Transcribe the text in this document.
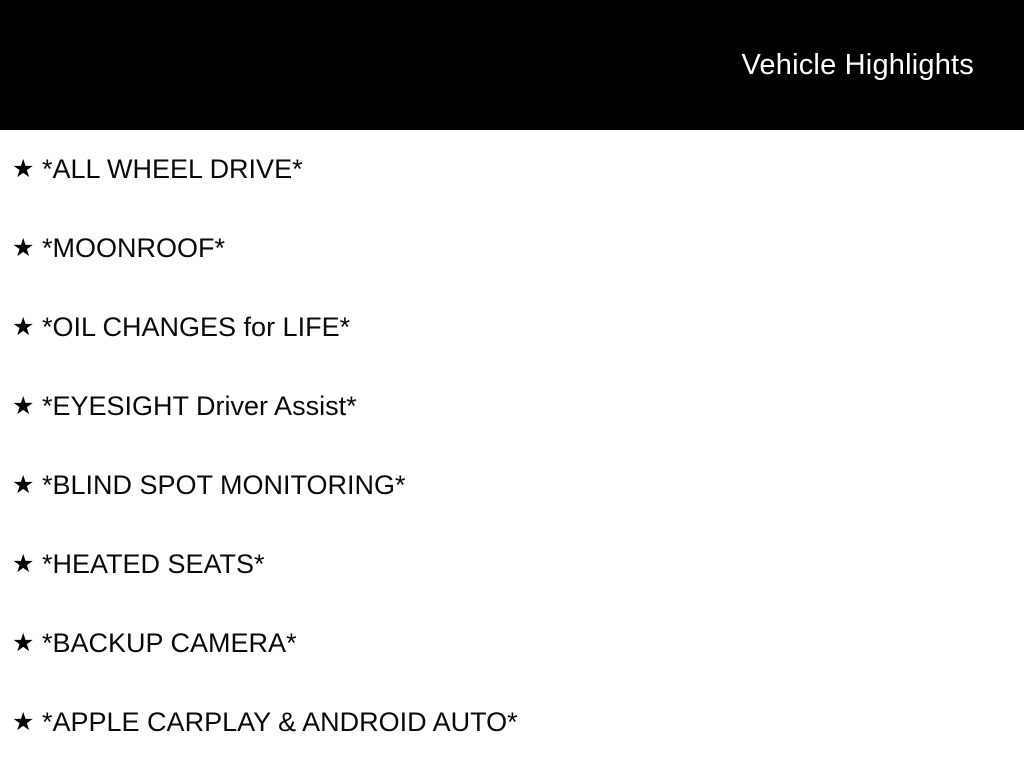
Vehicle Highlights
★ *ALL WHEEL DRIVE*
★ *MOONROOF*
★ *OIL CHANGES for LIFE*
★ *EYESIGHT Driver Assist*
★ *BLIND SPOT MONITORING*
★ *HEATED SEATS*
★ *BACKUP CAMERA*
★ *APPLE CARPLAY & ANDROID AUTO*
